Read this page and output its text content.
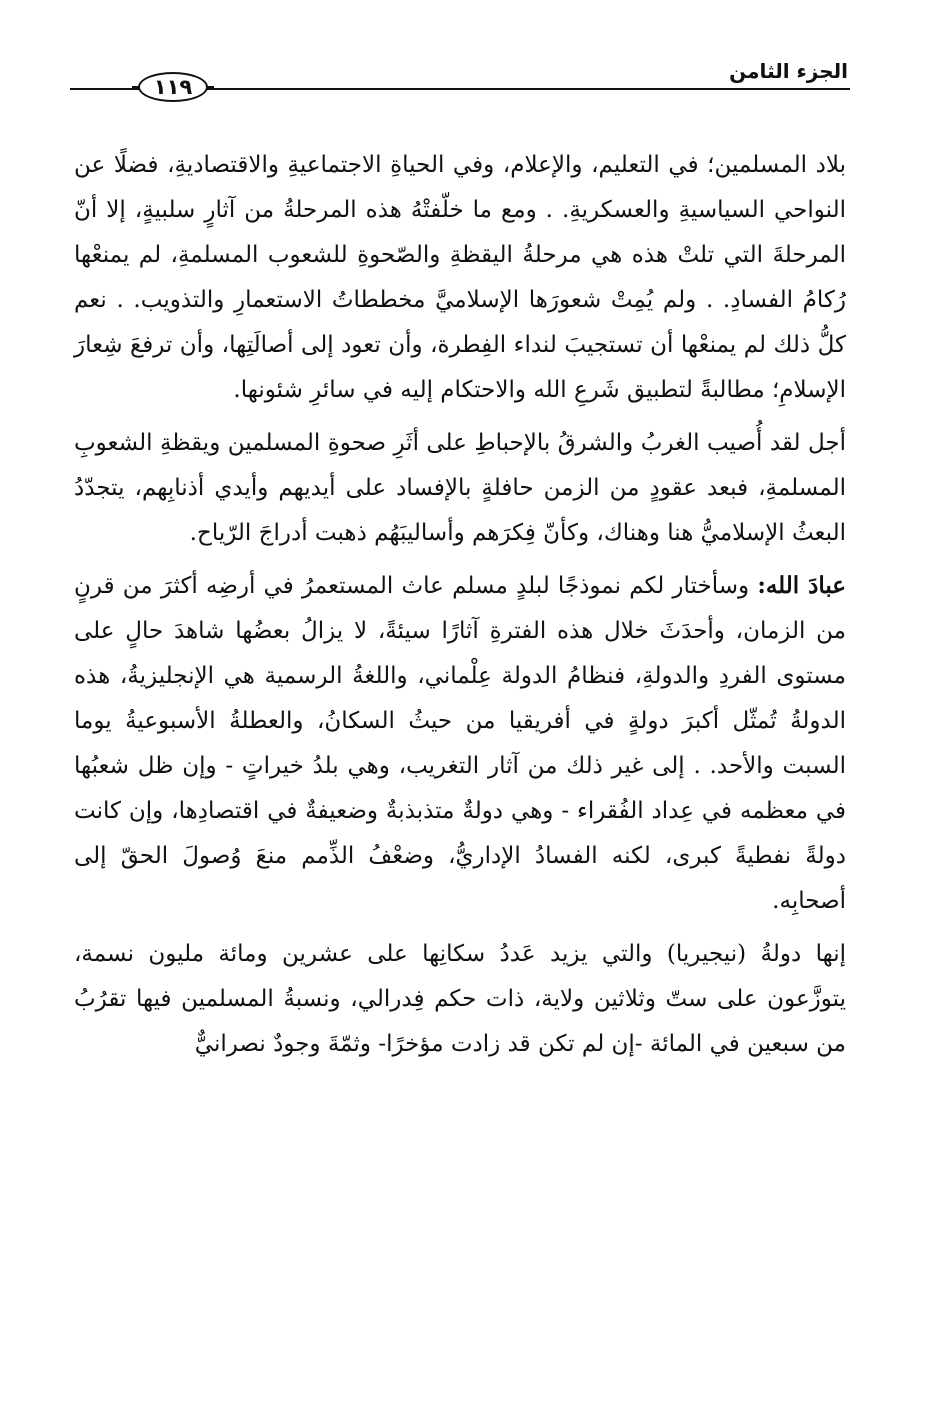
الجزء الثامن
١١٩

بلاد المسلمين؛ في التعليم، والإعلام، وفي الحياةِ الاجتماعيةِ والاقتصاديةِ، فضلًا عن النواحي السياسيةِ والعسكريةِ. . ومع ما خلّفتْهُ هذه المرحلةُ من آثارٍ سلبيةٍ، إلا أنّ المرحلةَ التي تلتْ هذه هي مرحلةُ اليقظةِ والصّحوةِ للشعوب المسلمةِ، لم يمنعْها رُكامُ الفسادِ. . ولم يُمِتْ شعورَها الإسلاميَّ مخططاتُ الاستعمارِ والتذويب. . نعم كلُّ ذلك لم يمنعْها أن تستجيبَ لنداء الفِطرة، وأن تعود إلى أصالَتِها، وأن ترفعَ شِعارَ الإسلامِ؛ مطالبةً لتطبيق شَرعِ الله والاحتكام إليه في سائرِ شئونها.

أجل لقد أُصيب الغربُ والشرقُ بالإحباطِ على أثَرِ صحوةِ المسلمين ويقظةِ الشعوبِ المسلمةِ، فبعد عقودٍ من الزمن حافلةٍ بالإفساد على أيديهم وأيدي أذنابِهم، يتجدّدُ البعثُ الإسلاميُّ هنا وهناك، وكأنّ فِكرَهم وأساليبَهُم ذهبت أدراجَ الرّياح.

عبادَ الله: وسأختار لكم نموذجًا لبلدٍ مسلم عاث المستعمرُ في أرضِه أكثرَ من قرنٍ من الزمان، وأحدَثَ خلال هذه الفترةِ آثارًا سيئةً، لا يزالُ بعضُها شاهدَ حالٍ على مستوى الفردِ والدولةِ، فنظامُ الدولة عِلْماني، واللغةُ الرسمية هي الإنجليزيةُ، هذه الدولةُ تُمثّل أكبرَ دولةٍ في أفريقيا من حيثُ السكانُ، والعطلةُ الأسبوعيةُ يوما السبت والأحد. . إلى غير ذلك من آثار التغريب، وهي بلدُ خيراتٍ - وإن ظل شعبُها في معظمه في عِداد الفُقراء - وهي دولةٌ متذبذبةٌ وضعيفةٌ في اقتصادِها، وإن كانت دولةً نفطيةً كبرى، لكنه الفسادُ الإداريُّ، وضعْفُ الذِّمم منعَ وُصولَ الحقّ إلى أصحابِه.

إنها دولةُ (نيجيريا) والتي يزيد عَددُ سكانِها على عشرين ومائة مليون نسمة، يتوزَّعون على ستّ وثلاثين ولاية، ذات حكم فِدرالي، ونسبةُ المسلمين فيها تقرُبُ من سبعين في المائة -إن لم تكن قد زادت مؤخرًا- وثمّةَ وجودٌ نصرانيٌّ
